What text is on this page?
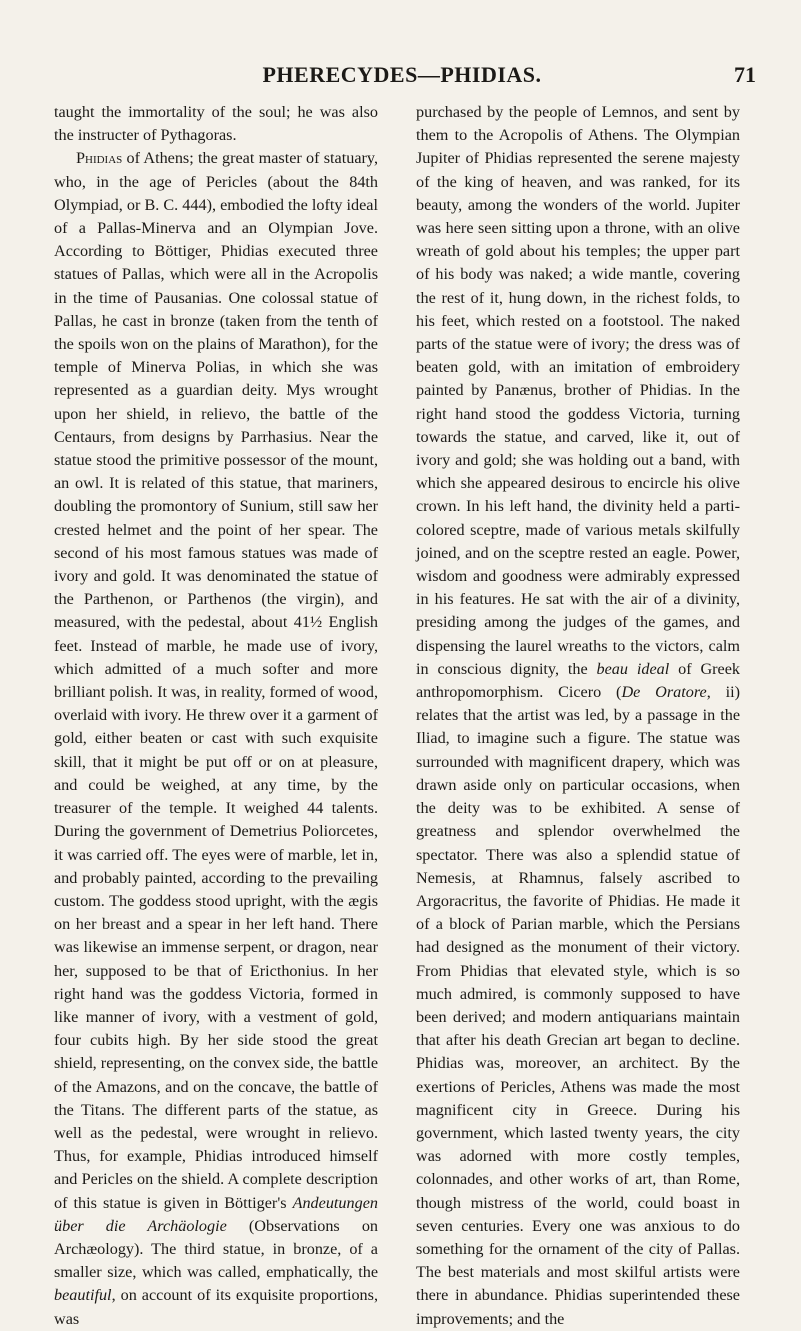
PHERECYDES—PHIDIAS.	71

taught the immortality of the soul; he was also the instructer of Pythagoras.

Phidias of Athens; the great master of statuary, who, in the age of Pericles (about the 84th Olympiad, or B. C. 444), embodied the lofty ideal of a Pallas-Minerva and an Olympian Jove. According to Böttiger, Phidias executed three statues of Pallas, which were all in the Acropolis in the time of Pausanias. One colossal statue of Pallas, he cast in bronze (taken from the tenth of the spoils won on the plains of Marathon), for the temple of Minerva Polias, in which she was represented as a guardian deity. Mys wrought upon her shield, in relievo, the battle of the Centaurs, from designs by Parrhasius. Near the statue stood the primitive possessor of the mount, an owl. It is related of this statue, that mariners, doubling the promontory of Sunium, still saw her crested helmet and the point of her spear. The second of his most famous statues was made of ivory and gold. It was denominated the statue of the Parthenon, or Parthenos (the virgin), and measured, with the pedestal, about 41½ English feet. Instead of marble, he made use of ivory, which admitted of a much softer and more brilliant polish. It was, in reality, formed of wood, overlaid with ivory. He threw over it a garment of gold, either beaten or cast with such exquisite skill, that it might be put off or on at pleasure, and could be weighed, at any time, by the treasurer of the temple. It weighed 44 talents. During the government of Demetrius Poliorcetes, it was carried off. The eyes were of marble, let in, and probably painted, according to the prevailing custom. The goddess stood upright, with the ægis on her breast and a spear in her left hand. There was likewise an immense serpent, or dragon, near her, supposed to be that of Ericthonius. In her right hand was the goddess Victoria, formed in like manner of ivory, with a vestment of gold, four cubits high. By her side stood the great shield, representing, on the convex side, the battle of the Amazons, and on the concave, the battle of the Titans. The different parts of the statue, as well as the pedestal, were wrought in relievo. Thus, for example, Phidias introduced himself and Pericles on the shield. A complete description of this statue is given in Böttiger's Andeutungen über die Archäologie (Observations on Archæology). The third statue, in bronze, of a smaller size, which was called, emphatically, the beautiful, on account of its exquisite proportions, was

purchased by the people of Lemnos, and sent by them to the Acropolis of Athens. The Olympian Jupiter of Phidias represented the serene majesty of the king of heaven, and was ranked, for its beauty, among the wonders of the world. Jupiter was here seen sitting upon a throne, with an olive wreath of gold about his temples; the upper part of his body was naked; a wide mantle, covering the rest of it, hung down, in the richest folds, to his feet, which rested on a footstool. The naked parts of the statue were of ivory; the dress was of beaten gold, with an imitation of embroidery painted by Panænus, brother of Phidias. In the right hand stood the goddess Victoria, turning towards the statue, and carved, like it, out of ivory and gold; she was holding out a band, with which she appeared desirous to encircle his olive crown. In his left hand, the divinity held a parti-colored sceptre, made of various metals skilfully joined, and on the sceptre rested an eagle. Power, wisdom and goodness were admirably expressed in his features. He sat with the air of a divinity, presiding among the judges of the games, and dispensing the laurel wreaths to the victors, calm in conscious dignity, the beau ideal of Greek anthropomorphism. Cicero (De Oratore, ii) relates that the artist was led, by a passage in the Iliad, to imagine such a figure. The statue was surrounded with magnificent drapery, which was drawn aside only on particular occasions, when the deity was to be exhibited. A sense of greatness and splendor overwhelmed the spectator. There was also a splendid statue of Nemesis, at Rhamnus, falsely ascribed to Argoracritus, the favorite of Phidias. He made it of a block of Parian marble, which the Persians had designed as the monument of their victory. From Phidias that elevated style, which is so much admired, is commonly supposed to have been derived; and modern antiquarians maintain that after his death Grecian art began to decline. Phidias was, moreover, an architect. By the exertions of Pericles, Athens was made the most magnificent city in Greece. During his government, which lasted twenty years, the city was adorned with more costly temples, colonnades, and other works of art, than Rome, though mistress of the world, could boast in seven centuries. Every one was anxious to do something for the ornament of the city of Pallas. The best materials and most skilful artists were there in abundance. Phidias superintended these improvements; and the
